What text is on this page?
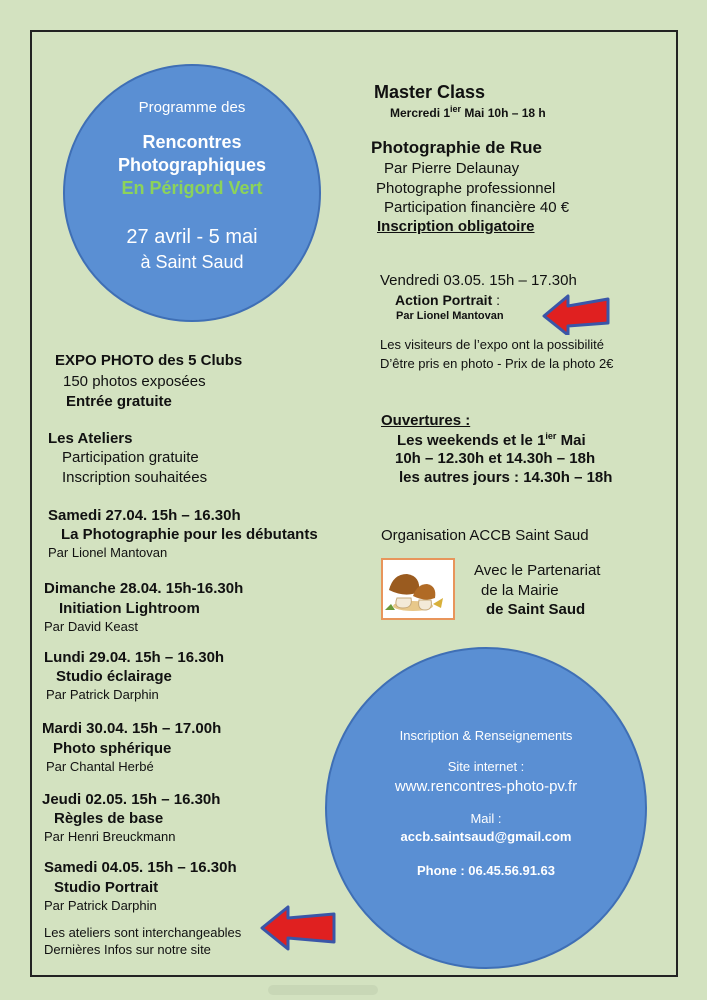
Programme des
Rencontres
Photographiques
En Périgord Vert
27 avril - 5 mai
à Saint Saud
EXPO PHOTO des 5 Clubs
150 photos exposées
Entrée gratuite
Les Ateliers
Participation gratuite
Inscription souhaitées
Samedi 27.04. 15h – 16.30h
La Photographie pour les débutants
Par Lionel Mantovan
Dimanche 28.04. 15h-16.30h
Initiation Lightroom
Par David Keast
Lundi 29.04. 15h – 16.30h
Studio éclairage
Par Patrick Darphin
Mardi 30.04. 15h – 17.00h
Photo sphérique
Par Chantal Herbé
Jeudi 02.05. 15h – 16.30h
Règles de base
Par Henri Breuckmann
Samedi 04.05. 15h – 16.30h
Studio Portrait
Par Patrick Darphin
Les ateliers sont interchangeables
Dernières Infos sur notre site
Master Class
Mercredi $1^{ier}$ Mai 10h – 18 h
Photographie de Rue
Par Pierre Delaunay
Photographe professionnel
Participation financière 40 €
Inscription obligatoire
Vendredi 03.05. 15h – 17.30h
Action Portrait :
Par Lionel Mantovan
Les visiteurs de l’expo ont la possibilité
D’être pris en photo - Prix de la photo 2€
Ouvertures :
Les weekends et le $1^{ier}$ Mai
10h – 12.30h et 14.30h – 18h
les autres jours : 14.30h – 18h
Organisation ACCB Saint Saud
Avec le Partenariat
de la Mairie
de Saint Saud
Inscription & Renseignements
Site internet :
www.rencontres-photo-pv.fr
Mail :
accb.saintsaud@gmail.com
Phone : 06.45.56.91.63
